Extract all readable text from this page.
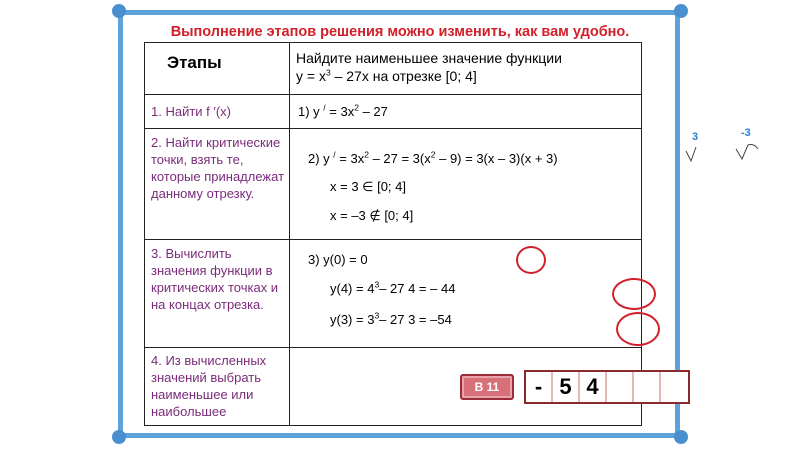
Выполнение этапов решения можно изменить, как вам удобно.
Этапы	Найдите наименьшее значение функции
$y = x^3 - 27x$ на отрезке [0; 4]

1. Найти f ′(x)	1) y $^/ = 3x^2 - 27$

2. Найти критические точки, взять те, которые принадлежат данному отрезку.	3 -3
2) y $^/ = 3x^2 - 27 = 3(x^2 - 9) = 3(x - 3)(x + 3)$
x = 3 ∈ [0; 4]
x = –3 ∉ [0; 4]

3. Вычислить значения функции в критических точках и на концах отрезка.	3) y(0) = 0
$y(4) = 4^3-$ 27 4 = – 44
$y(3) = 3^3-$ 27 3 = –54

4. Из вычисленных значений выбрать наименьшее или наибольшее	В 11 - 5 4
